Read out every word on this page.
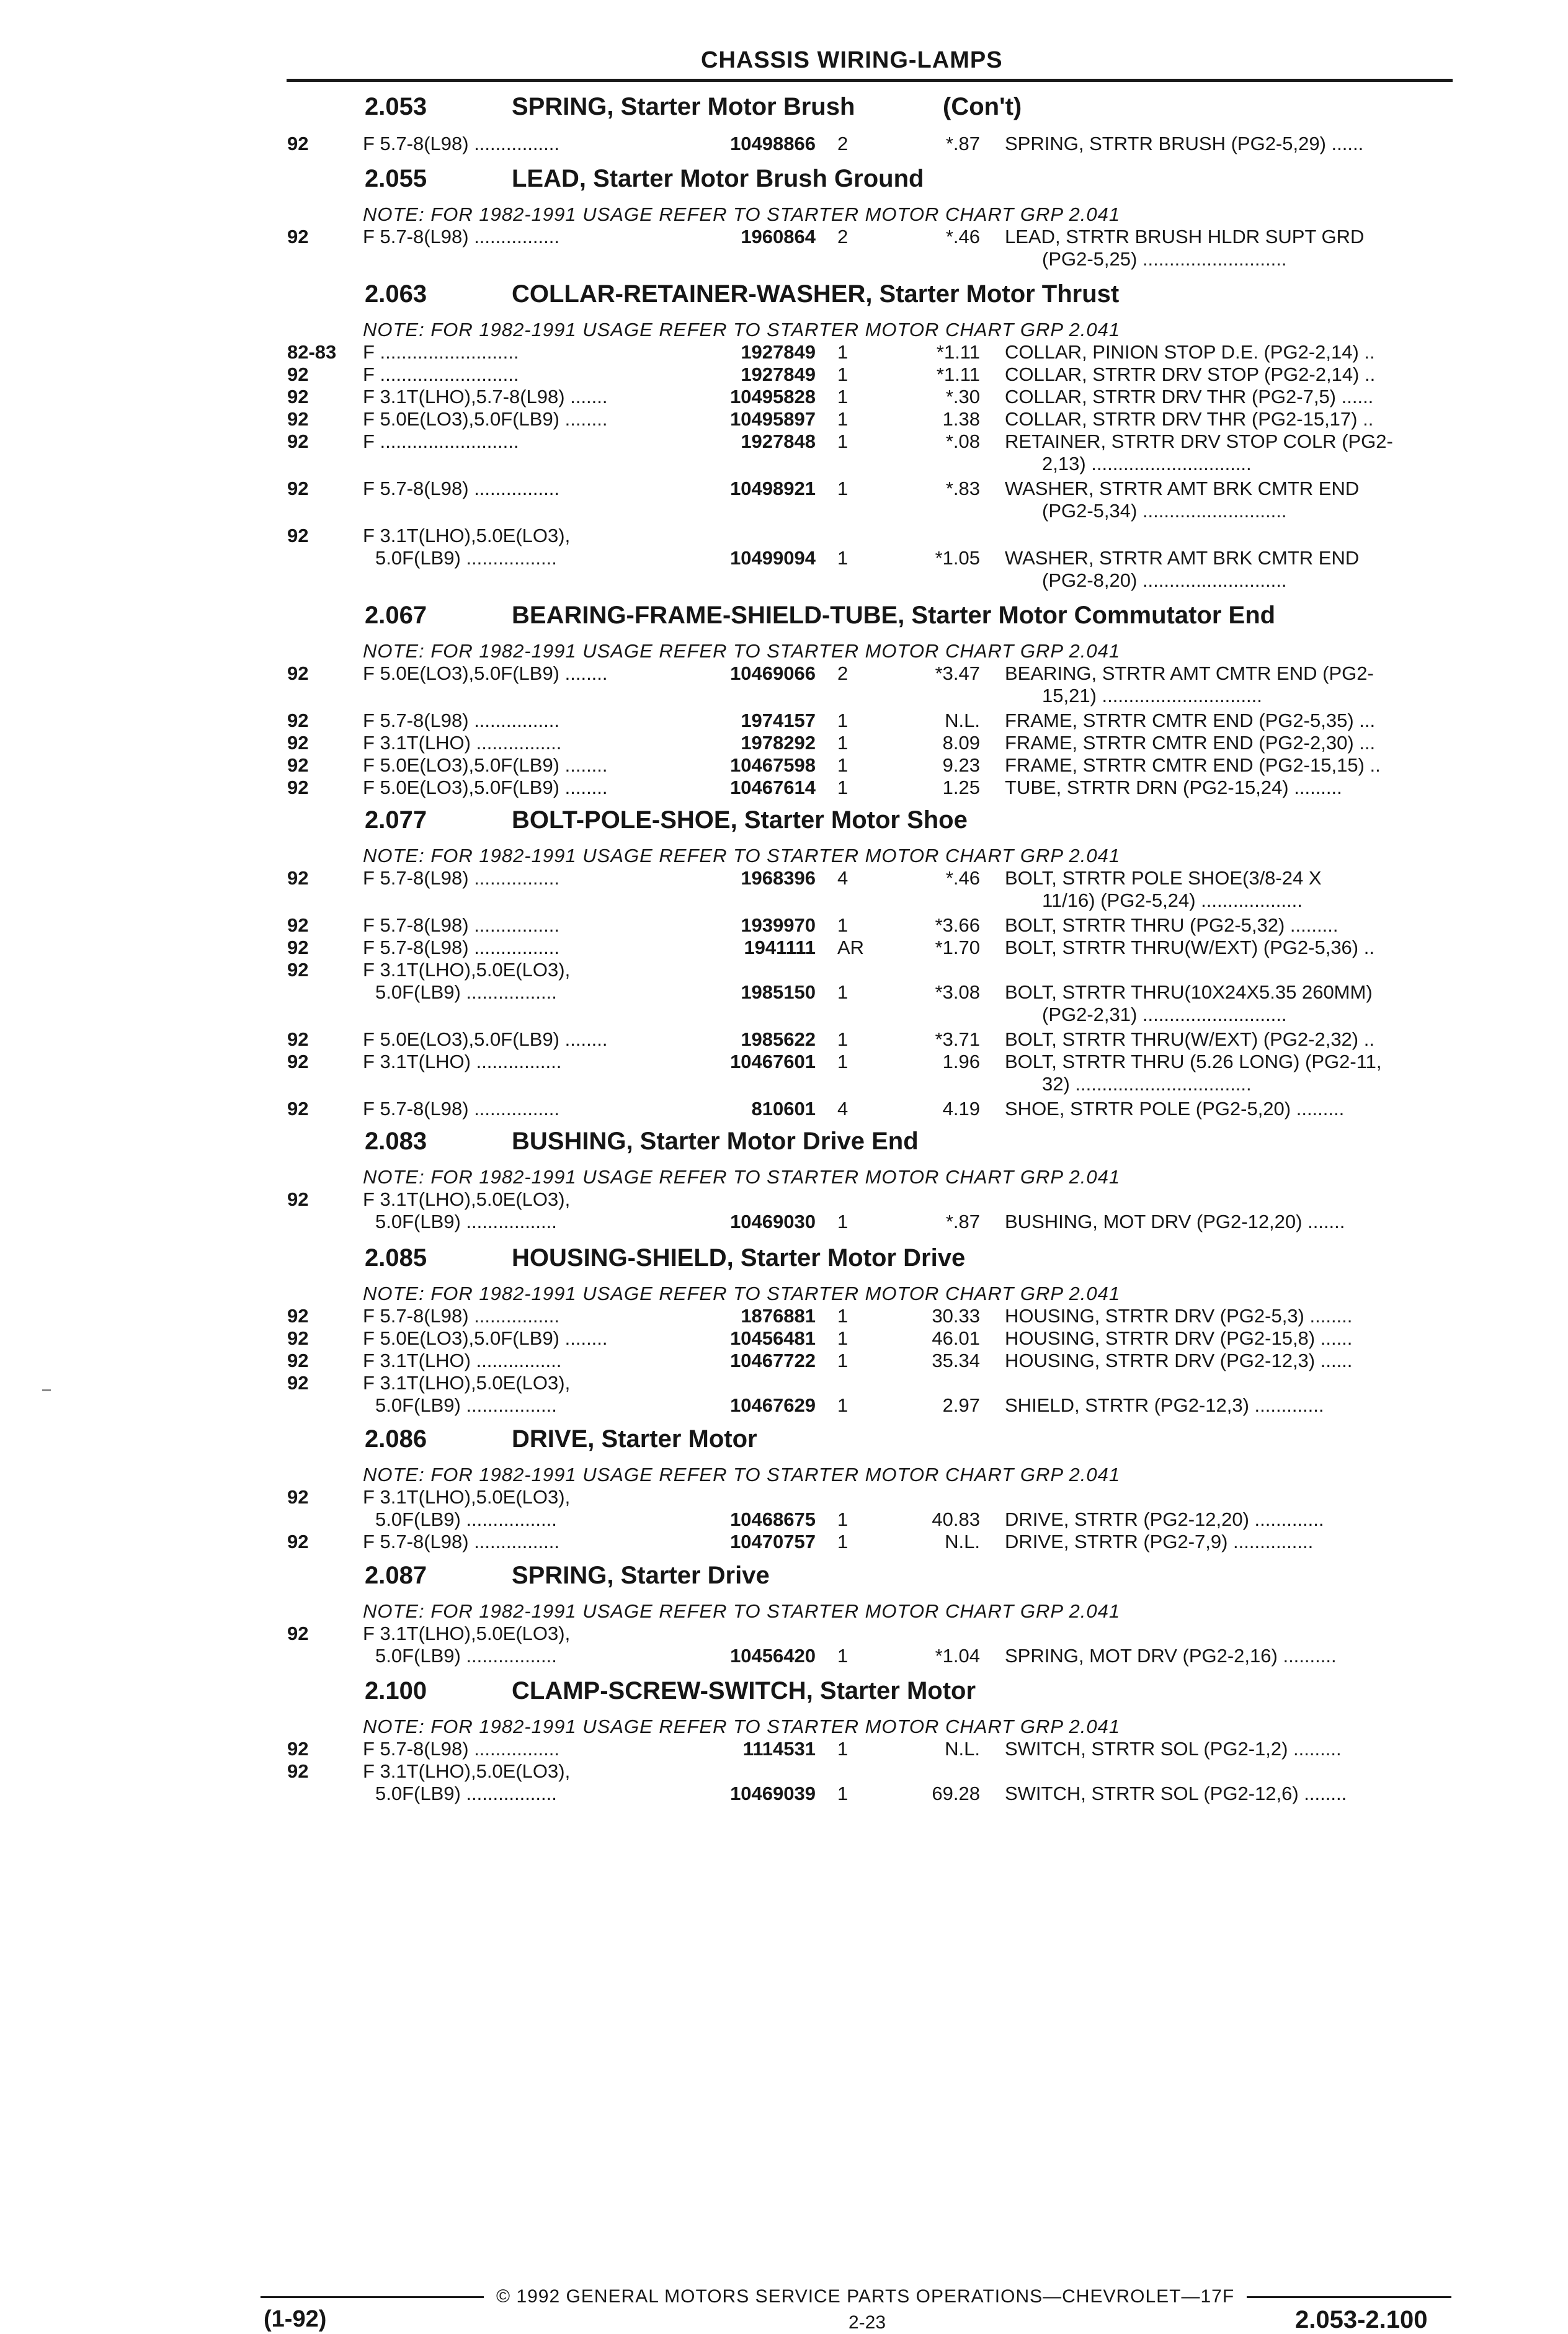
CHASSIS WIRING-LAMPS
2.053	SPRING, Starter Motor Brush	(Con't)
92	F 5.7-8(L98) ................	10498866 2	*.87 SPRING, STRTR BRUSH (PG2-5,29) ......
2.055	LEAD, Starter Motor Brush Ground
NOTE: FOR 1982-1991 USAGE REFER TO STARTER MOTOR CHART GRP 2.041
92	F 5.7-8(L98) ................	1960864 2	*.46 LEAD, STRTR BRUSH HLDR SUPT GRD
(PG2-5,25) ...........................
2.063	COLLAR-RETAINER-WASHER, Starter Motor Thrust
NOTE: FOR 1982-1991 USAGE REFER TO STARTER MOTOR CHART GRP 2.041
82-83 F ..........................	1927849 1	*1.11 COLLAR, PINION STOP D.E. (PG2-2,14) ..
92	F ..........................	1927849 1	*1.11 COLLAR, STRTR DRV STOP (PG2-2,14) ..
92	F 3.1T(LHO),5.7-8(L98) .......	10495828 1	*.30 COLLAR, STRTR DRV THR (PG2-7,5) ......
92	F 5.0E(LO3),5.0F(LB9) ........	10495897 1	1.38 COLLAR, STRTR DRV THR (PG2-15,17) ..
92	F ..........................	1927848 1	*.08 RETAINER, STRTR DRV STOP COLR (PG2-
2,13) ..............................
92	F 5.7-8(L98) ................	10498921 1	*.83 WASHER, STRTR AMT BRK CMTR END
(PG2-5,34) ...........................
92	F 3.1T(LHO),5.0E(LO3),
5.0F(LB9) .................	10499094 1	*1.05 WASHER, STRTR AMT BRK CMTR END
(PG2-8,20) ...........................
2.067	BEARING-FRAME-SHIELD-TUBE, Starter Motor Commutator End
NOTE: FOR 1982-1991 USAGE REFER TO STARTER MOTOR CHART GRP 2.041
92	F 5.0E(LO3),5.0F(LB9) ........	10469066 2	*3.47 BEARING, STRTR AMT CMTR END (PG2-
15,21) ..............................
92	F 5.7-8(L98) ................	1974157 1	N.L. FRAME, STRTR CMTR END (PG2-5,35) ...
92	F 3.1T(LHO) ................	1978292 1	8.09 FRAME, STRTR CMTR END (PG2-2,30) ...
92	F 5.0E(LO3),5.0F(LB9) ........	10467598 1	9.23 FRAME, STRTR CMTR END (PG2-15,15) ..
92	F 5.0E(LO3),5.0F(LB9) ........	10467614 1	1.25 TUBE, STRTR DRN (PG2-15,24) .........
2.077	BOLT-POLE-SHOE, Starter Motor Shoe
NOTE: FOR 1982-1991 USAGE REFER TO STARTER MOTOR CHART GRP 2.041
92	F 5.7-8(L98) ................	1968396 4	*.46 BOLT, STRTR POLE SHOE(3/8-24 X
11/16) (PG2-5,24) ...................
92	F 5.7-8(L98) ................	1939970 1	*3.66 BOLT, STRTR THRU (PG2-5,32) .........
92	F 5.7-8(L98) ................	1941111 AR	*1.70 BOLT, STRTR THRU(W/EXT) (PG2-5,36) ..
92	F 3.1T(LHO),5.0E(LO3),
5.0F(LB9) .................	1985150 1	*3.08 BOLT, STRTR THRU(10X24X5.35 260MM)
(PG2-2,31) ...........................
92	F 5.0E(LO3),5.0F(LB9) ........	1985622 1	*3.71 BOLT, STRTR THRU(W/EXT) (PG2-2,32) ..
92	F 3.1T(LHO) ................	10467601 1	1.96 BOLT, STRTR THRU (5.26 LONG) (PG2-11,
32) .................................
92	F 5.7-8(L98) ................	810601 4	4.19 SHOE, STRTR POLE (PG2-5,20) .........
2.083	BUSHING, Starter Motor Drive End
NOTE: FOR 1982-1991 USAGE REFER TO STARTER MOTOR CHART GRP 2.041
92	F 3.1T(LHO),5.0E(LO3),
5.0F(LB9) .................	10469030 1	*.87 BUSHING, MOT DRV (PG2-12,20) .......
2.085	HOUSING-SHIELD, Starter Motor Drive
NOTE: FOR 1982-1991 USAGE REFER TO STARTER MOTOR CHART GRP 2.041
92	F 5.7-8(L98) ................	1876881 1	30.33 HOUSING, STRTR DRV (PG2-5,3) ........
92	F 5.0E(LO3),5.0F(LB9) ........	10456481 1	46.01 HOUSING, STRTR DRV (PG2-15,8) ......
92	F 3.1T(LHO) ................	10467722 1	35.34 HOUSING, STRTR DRV (PG2-12,3) ......
92	F 3.1T(LHO),5.0E(LO3),
5.0F(LB9) .................	10467629 1	2.97 SHIELD, STRTR (PG2-12,3) .............
2.086	DRIVE, Starter Motor
NOTE: FOR 1982-1991 USAGE REFER TO STARTER MOTOR CHART GRP 2.041
92	F 3.1T(LHO),5.0E(LO3),
5.0F(LB9) .................	10468675 1	40.83 DRIVE, STRTR (PG2-12,20) .............
92	F 5.7-8(L98) ................	10470757 1	N.L. DRIVE, STRTR (PG2-7,9) ...............
2.087	SPRING, Starter Drive
NOTE: FOR 1982-1991 USAGE REFER TO STARTER MOTOR CHART GRP 2.041
92	F 3.1T(LHO),5.0E(LO3),
5.0F(LB9) .................	10456420 1	*1.04 SPRING, MOT DRV (PG2-2,16) ..........
2.100	CLAMP-SCREW-SWITCH, Starter Motor
NOTE: FOR 1982-1991 USAGE REFER TO STARTER MOTOR CHART GRP 2.041
92	F 5.7-8(L98) ................	1114531 1	N.L. SWITCH, STRTR SOL (PG2-1,2) .........
92	F 3.1T(LHO),5.0E(LO3),
5.0F(LB9) .................	10469039 1	69.28 SWITCH, STRTR SOL (PG2-12,6) ........
© 1992 GENERAL MOTORS SERVICE PARTS OPERATIONS—CHEVROLET—17F
(1-92)	2-23	2.053-2.100
